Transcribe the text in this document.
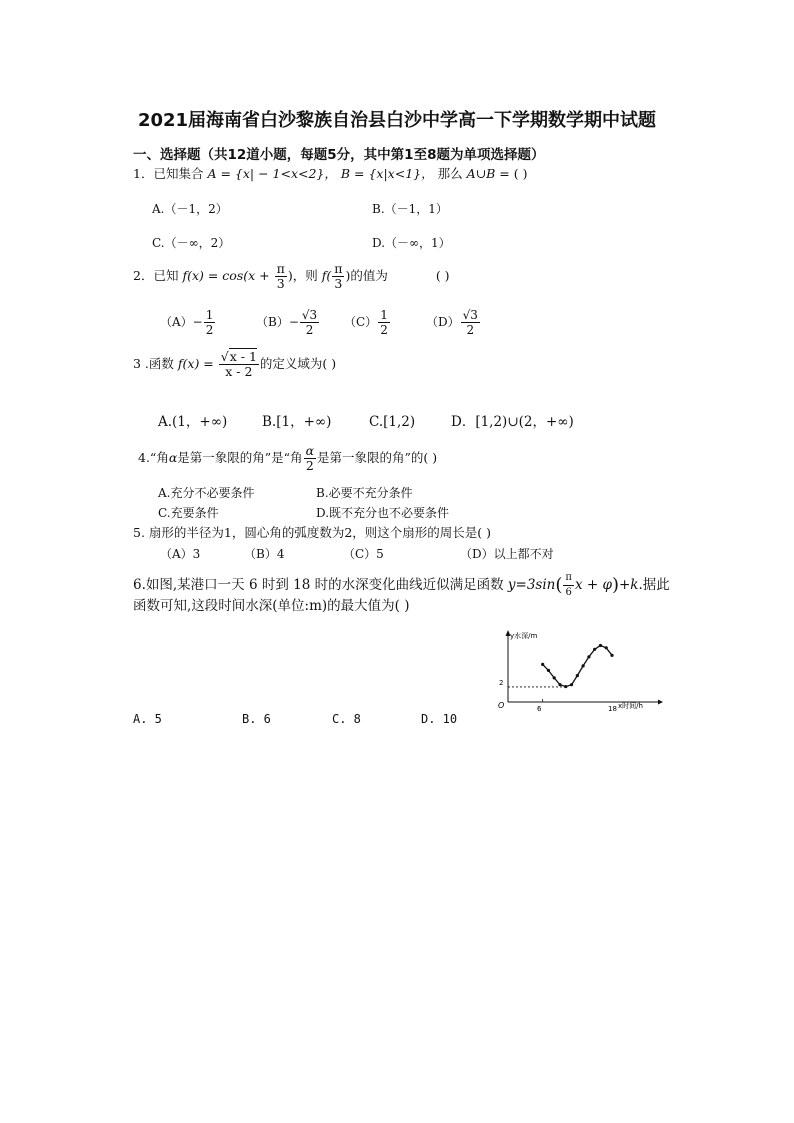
2021届海南省白沙黎族自治县白沙中学高一下学期数学期中试题
一、选择题（共12道小题，每题5分，其中第1至8题为单项选择题）
1．已知集合 A = {x| − 1<x<2}， B = {x|x<1}， 那么 A∪B = ( )
A.（－1，2）	B.（－1，1）
C.（－∞，2）	D.（－∞，1）
2．已知 $f(x) = \cos(x + \frac{\pi}{3}$ )，则 $f( \frac{\pi}{3}$ )的值为	( )
$(A)- \frac{1}{2}$	$(B)- \frac{√3}{2} (C) \frac{1}{2}$	$(D) \frac{√3}{2}$
3 .函数 $f(x) = \frac{√x - 1}{x - 2}$ 的定义域为( )
A.(1，+∞)	B.[1，+∞)	C.[1,2)	D．[1,2)∪(2，+∞)
4.“角α是第一象限的角”是“角 $\frac{\alpha}{2}$ 是第一象限的角”的( )
A.充分不必要条件	B.必要不充分条件
C.充要条件	D.既不充分也不必要条件
5. 扇形的半径为1，圆心角的弧度数为2，则这个扇形的周长是( )
（A）3	（B）4	（C）5	（D）以上都不对
6.如图,某港口一天 6 时到 18 时的水深变化曲线近似满足函数 $y=3\sin( \frac{\pi}{6}$ x + φ)+k.据此
函数可知,这段时间水深(单位:m)的最大值为( )
y水深/m
x时间/h
O	6	18
2
A. 5	B. 6	C. 8	D. 10
